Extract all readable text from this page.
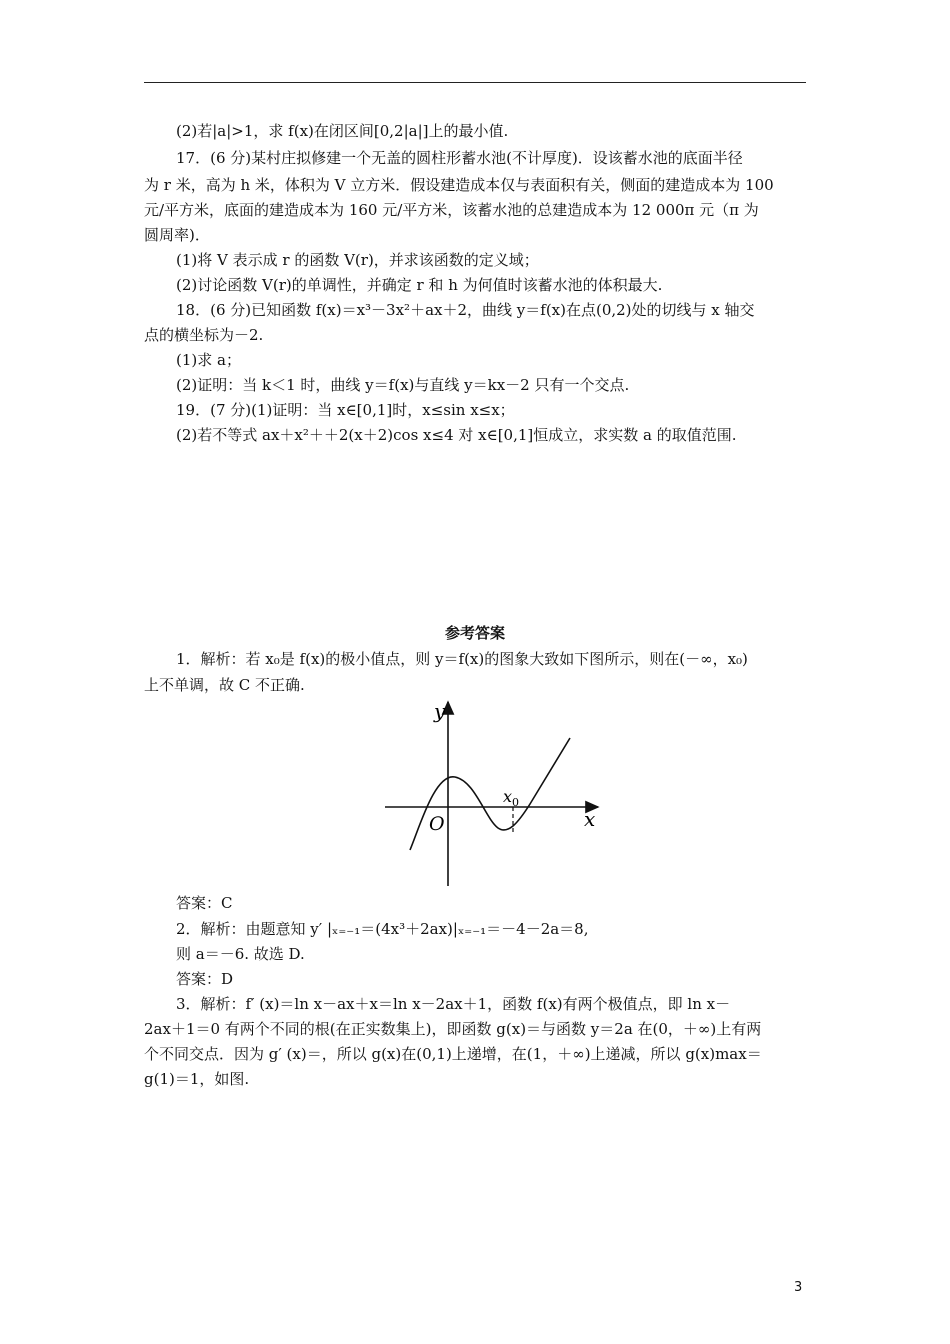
(2)若|a|>1，求 f(x)在闭区间[0,2|a|]上的最小值.
17．(6 分)某村庄拟修建一个无盖的圆柱形蓄水池(不计厚度)．设该蓄水池的底面半径
为 r 米，高为 h 米，体积为 V 立方米．假设建造成本仅与表面积有关，侧面的建造成本为 100
元/平方米，底面的建造成本为 160 元/平方米，该蓄水池的总建造成本为 12 000π 元（π 为
圆周率)．
(1)将 V 表示成 r 的函数 V(r)，并求该函数的定义域；
(2)讨论函数 V(r)的单调性，并确定 r 和 h 为何值时该蓄水池的体积最大.
18．(6 分)已知函数 f(x)＝x³－3x²＋ax＋2，曲线 y＝f(x)在点(0,2)处的切线与 x 轴交
点的横坐标为－2.
(1)求 a；
(2)证明：当 k＜1 时，曲线 y＝f(x)与直线 y＝kx－2 只有一个交点.
19．(7 分)(1)证明：当 x∈[0,1]时，x≤sin x≤x；
(2)若不等式 ax＋x²＋＋2(x＋2)cos x≤4 对 x∈[0,1]恒成立，求实数 a 的取值范围.
参考答案
1．解析：若 x₀是 f(x)的极小值点，则 y＝f(x)的图象大致如下图所示，则在(－∞，x₀)
上不单调，故 C 不正确.
y
x
O
$x_0$
答案：C
2．解析：由题意知 y′ |ₓ₌₋₁＝(4x³＋2ax)|ₓ₌₋₁＝－4－2a＝8,
则 a＝－6. 故选 D.
答案：D
3．解析：f′ (x)＝ln x－ax＋x＝ln x－2ax＋1，函数 f(x)有两个极值点，即 ln x－
2ax＋1＝0 有两个不同的根(在正实数集上)，即函数 g(x)＝与函数 y＝2a 在(0，＋∞)上有两
个不同交点．因为 g′ (x)＝，所以 g(x)在(0,1)上递增，在(1，＋∞)上递减，所以 g(x)max＝
g(1)＝1，如图.
3
